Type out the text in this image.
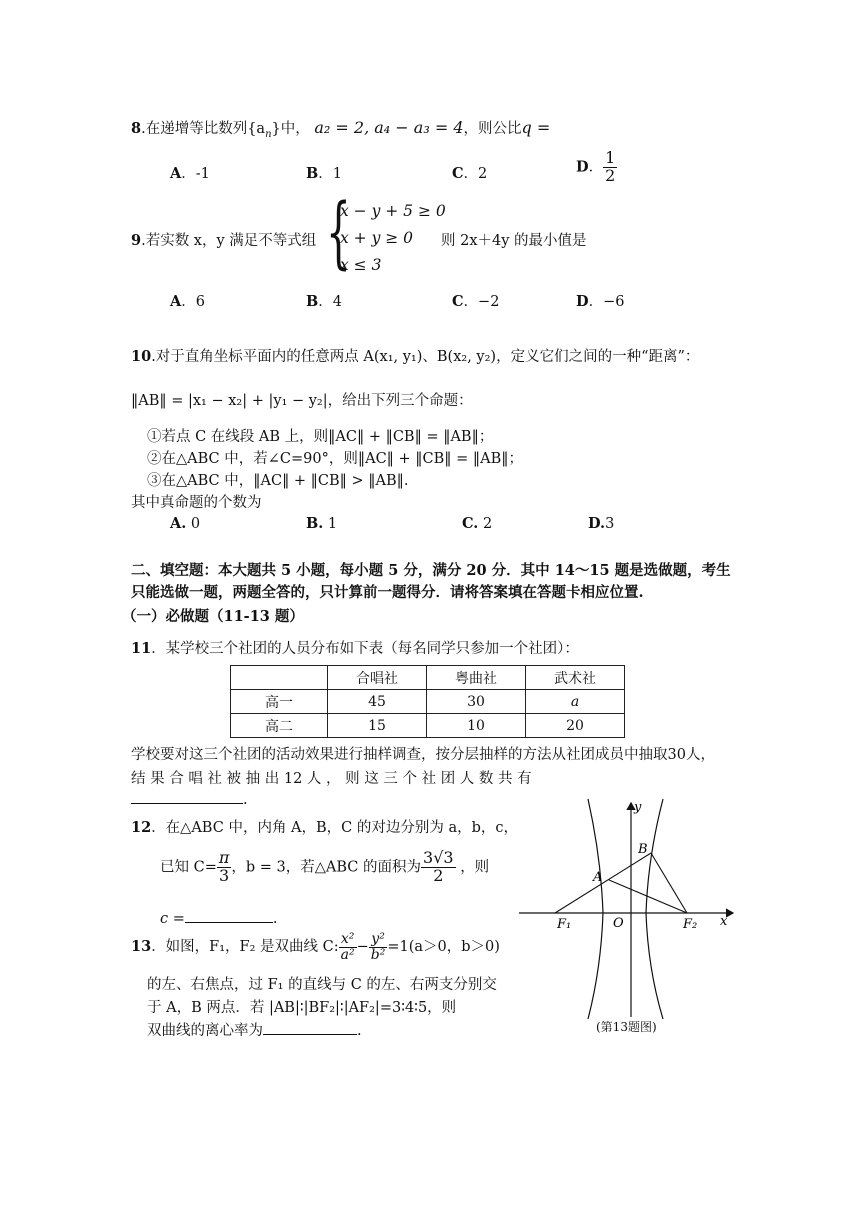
8.在递增等比数列$\{a_n\}$中， a₂ = 2, a₄ − a₃ = 4，则公比q =
A．-1	B．1	C．2	D． $\frac{1}{2}$
9.若实数 x，y 满足不等式组 {
x − y + 5 ≥ 0
x + y ≥ 0
x ≤ 3
则 2x＋4y 的最小值是
A．6	B．4	C．−2	D．−6
10.对于直角坐标平面内的任意两点 A(x₁, y₁)、B(x₂, y₂)，定义它们之间的一种“距离”：
‖AB‖ = |x₁ − x₂| + |y₁ − y₂|，给出下列三个命题：
①若点 C 在线段 AB 上，则‖AC‖ + ‖CB‖ = ‖AB‖；
②在△ABC 中，若∠C=90°，则‖AC‖ + ‖CB‖ = ‖AB‖；
③在△ABC 中，‖AC‖ + ‖CB‖ > ‖AB‖.
其中真命题的个数为
A. 0	B. 1	C. 2	D.3
二、填空题：本大题共 5 小题，每小题 5 分，满分 20 分．其中 14～15 题是选做题，考生
只能选做一题，两题全答的，只计算前一题得分．请将答案填在答题卡相应位置.
（一）必做题（11-13 题）
11．某学校三个社团的人员分布如下表（每名同学只参加一个社团）：
	合唱社	粤曲社	武术社
高一	45	30	a
高二	15	10	20
学校要对这三个社团的活动效果进行抽样调查，按分层抽样的方法从社团成员中抽取30人，
结 果 合 唱 社 被 抽 出 12 人 ， 则 这 三 个 社 团 人 数 共 有
.
12．在△ABC 中，内角 A，B，C 的对边分别为 a，b，c，
已知 $C= \frac{\pi}{3}$ ，b = 3，若△ABC 的面积为 $\frac{3√3}{2}$ ，则
c =	.
13．如图，F₁，F₂ 是双曲线 C: $\frac{\text{x²}}{\text{a²}} - \frac{\text{y²}}{\text{b²}} =1(a>0$，b＞0)
的左、右焦点，过 F₁ 的直线与 C 的左、右两支分别交
于 A，B 两点．若 |AB|∶|BF₂|∶|AF₂|=3∶4∶5，则
双曲线的离心率为	.
y
x
O
A
B
F₁	F₂
(第13题图)
